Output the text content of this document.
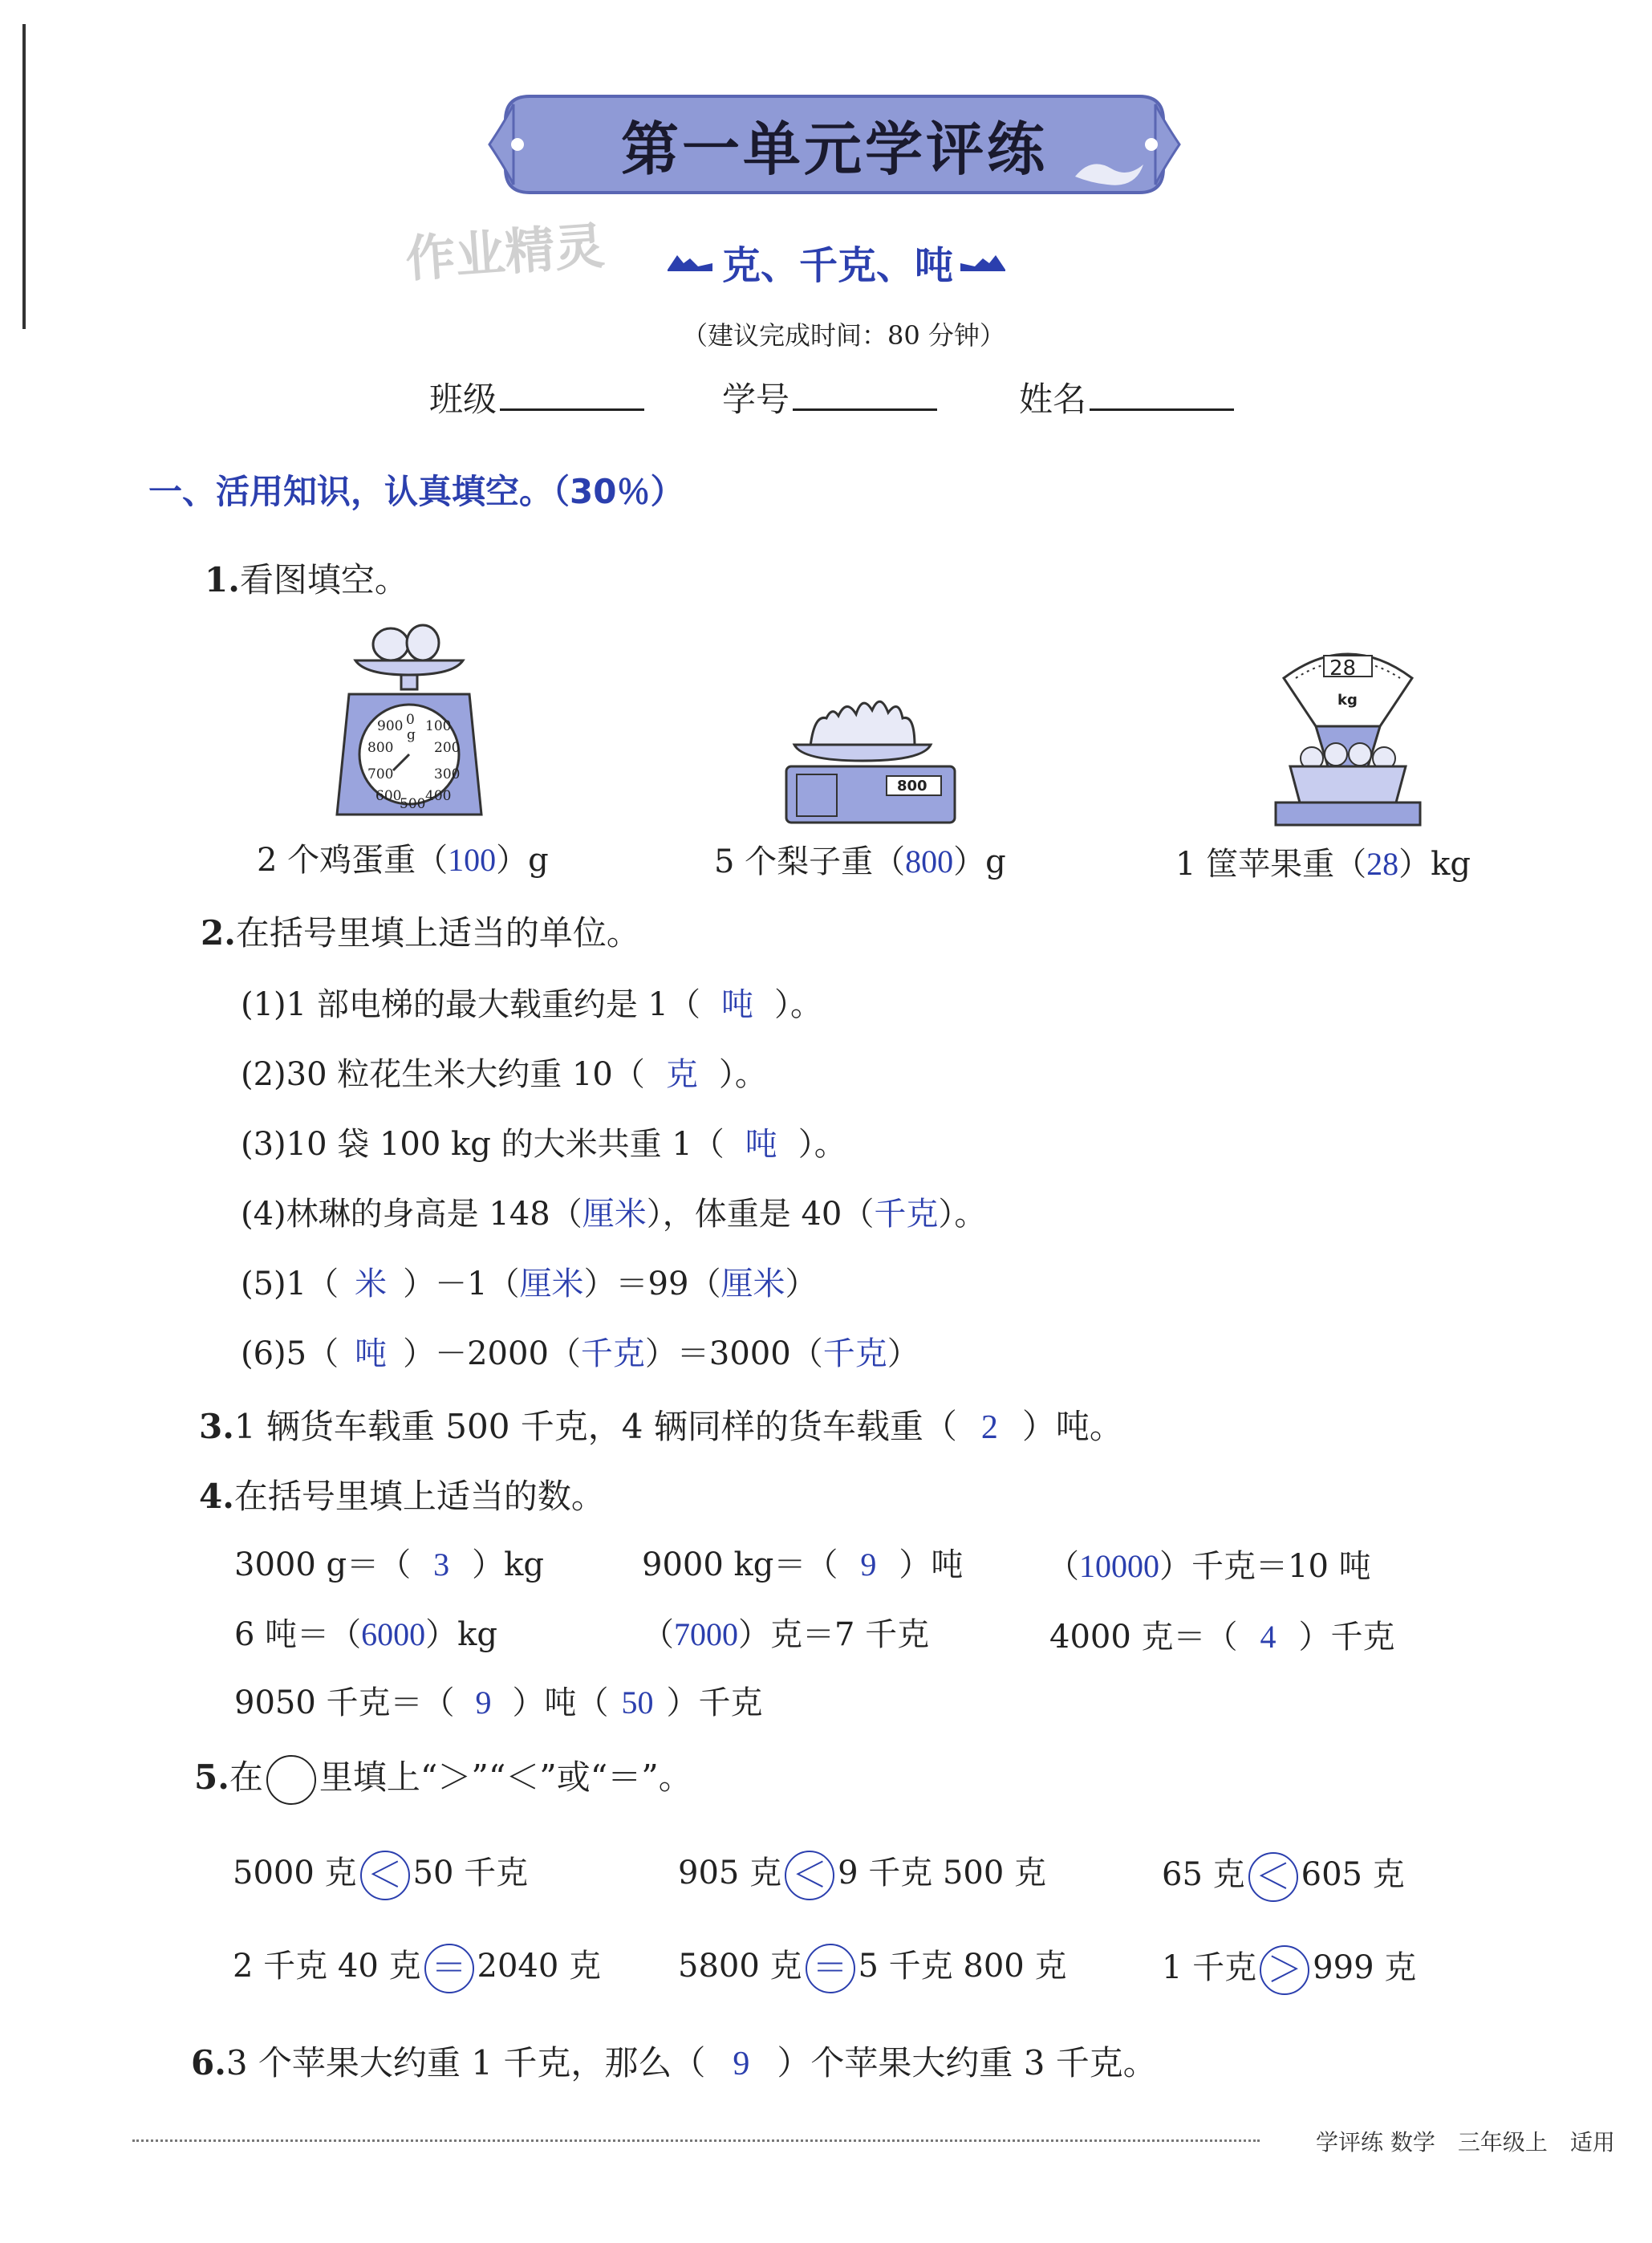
第一单元学评练
作业精灵	克、千克、吨
（建议完成时间：80 分钟）
班级	学号	姓名
一、活用知识，认真填空。（30％）
1.看图填空。
900 0 100
800
g
200
700	300
600
500 400
800
28
kg
2 个鸡蛋重（100）g	5 个梨子重（800）g	1 筐苹果重（28）kg
2.在括号里填上适当的单位。
(1)1 部电梯的最大载重约是 1（ 吨 ）。
(2)30 粒花生米大约重 10（ 克 ）。
(3)10 袋 100 kg 的大米共重 1（ 吨 ）。
(4)林琳的身高是 148（厘米），体重是 40（千克）。
(5)1（ 米 ）－1（厘米）＝99（厘米）
(6)5（ 吨 ）－2000（千克）＝3000（千克）
3.1 辆货车载重 500 千克，4 辆同样的货车载重（ 2 ）吨。
4.在括号里填上适当的数。
3000 g＝（ 3 ）kg	9000 kg＝（ 9 ）吨	（10000）千克＝10 吨
6 吨＝（6000）kg	（7000）克＝7 千克	4000 克＝（ 4 ）千克
9050 千克＝（ 9 ）吨（ 50 ）千克
5.在 里填上“＞”“＜”或“＝”。
5000 克 ＜ 50 千克	905 克 ＜ 9 千克 500 克	65 克 ＜ 605 克
2 千克 40 克 ＝ 2040 克 5800 克 ＝ 5 千克 800 克	1 千克 ＞ 999 克
6.3 个苹果大约重 1 千克，那么（ 9 ）个苹果大约重 3 千克。
学评练 数学　三年级上　适用
